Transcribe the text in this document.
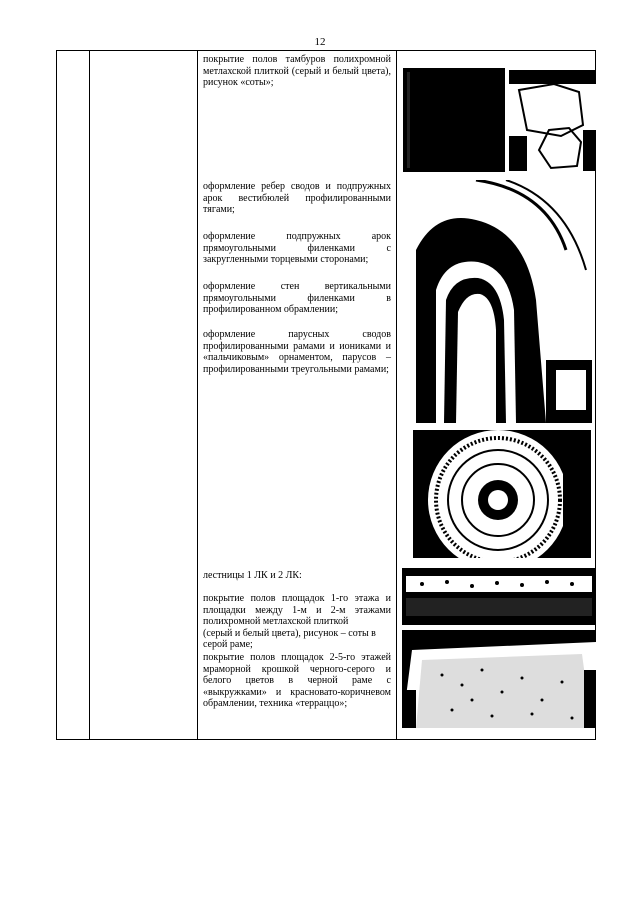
12

покрытие полов тамбуров полихромной метлахской плиткой (серый и белый цвета), рисунок «соты»;

оформление ребер сводов и подпружных арок вестибюлей профилированными тягами;

оформление подпружных арок прямоугольными филенками с закругленными торцевыми сторонами;

оформление стен вертикальными прямоугольными филенками в профилированном обрамлении;

оформление парусных сводов профилированными рамами и иониками и «пальчиковым» орнаментом, парусов – профилированными треугольными рамами;

лестницы 1 ЛК и 2 ЛК:

покрытие полов площадок 1-го этажа и площадки между 1-м и 2-м этажами полихромной метлахской плиткой

(серый и белый цвета), рисунок – соты в серой раме;

покрытие полов площадок 2-5-го этажей мраморной крошкой черного-серого и белого цветов в черной раме с «выкружками» и красновато-коричневом обрамлении, техника «терраццо»;
